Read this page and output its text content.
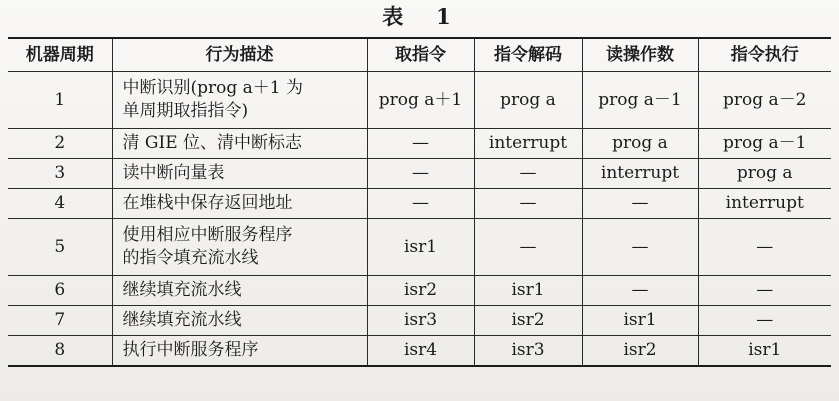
表　1
机器周期	行为描述	取指令	指令解码	读操作数	指令执行
1	中断识别(prog a＋1 为
单周期取指指令)	prog a＋1	prog a	prog a－1	prog a－2
2	清 GIE 位、清中断标志	—	interrupt	prog a	prog a－1
3	读中断向量表	—	—	interrupt	prog a
4	在堆栈中保存返回地址	—	—	—	interrupt
5	使用相应中断服务程序
的指令填充流水线	isr1	—	—	—
6	继续填充流水线	isr2	isr1	—	—
7	继续填充流水线	isr3	isr2	isr1	—
8	执行中断服务程序	isr4	isr3	isr2	isr1
